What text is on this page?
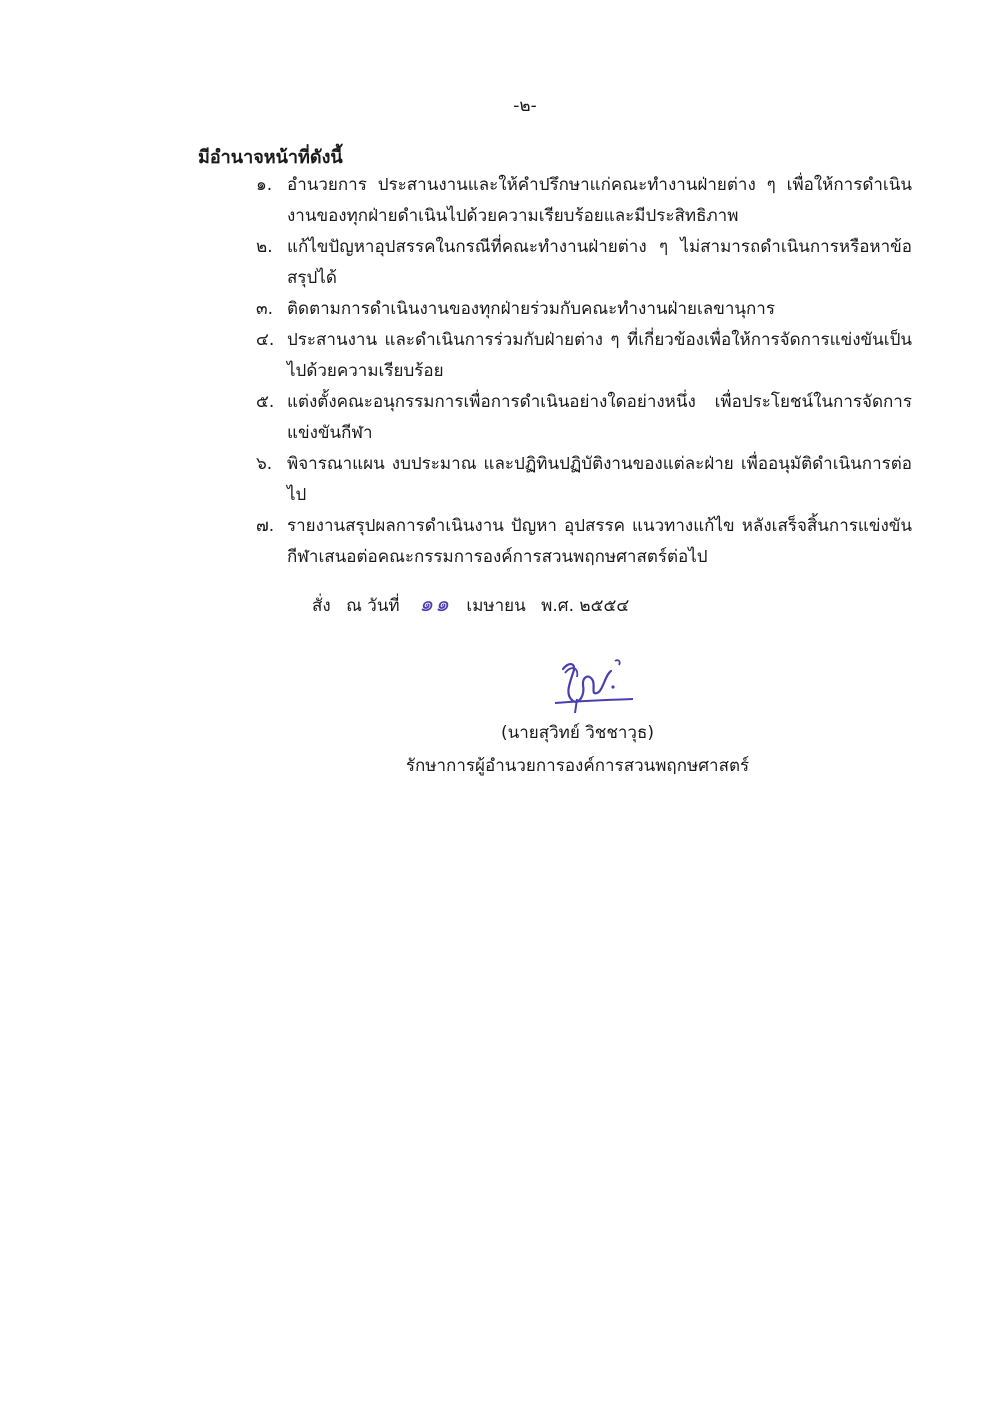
-๒-
มีอำนาจหน้าที่ดังนี้
๑. อำนวยการ ประสานงานและให้คำปรึกษาแก่คณะทำงานฝ่ายต่าง ๆ เพื่อให้การดำเนินงานของทุกฝ่ายดำเนินไปด้วยความเรียบร้อยและมีประสิทธิภาพ
๒. แก้ไขปัญหาอุปสรรคในกรณีที่คณะทำงานฝ่ายต่าง ๆ ไม่สามารถดำเนินการหรือหาข้อสรุปได้
๓. ติดตามการดำเนินงานของทุกฝ่ายร่วมกับคณะทำงานฝ่ายเลขานุการ
๔. ประสานงาน และดำเนินการร่วมกับฝ่ายต่าง ๆ ที่เกี่ยวข้องเพื่อให้การจัดการแข่งขันเป็นไปด้วยความเรียบร้อย
๕. แต่งตั้งคณะอนุกรรมการเพื่อการดำเนินอย่างใดอย่างหนึ่ง เพื่อประโยชน์ในการจัดการแข่งขันกีฬา
๖. พิจารณาแผน งบประมาณ และปฏิทินปฏิบัติงานของแต่ละฝ่าย เพื่ออนุมัติดำเนินการต่อไป
๗. รายงานสรุปผลการดำเนินงาน ปัญหา อุปสรรค แนวทางแก้ไข หลังเสร็จสิ้นการแข่งขันกีฬาเสนอต่อคณะกรรมการองค์การสวนพฤกษศาสตร์ต่อไป
สั่ง ณ วันที่ ๑๑ เมษายน พ.ศ. ๒๕๕๔
(นายสุวิทย์ วิชชาวุธ)
รักษาการผู้อำนวยการองค์การสวนพฤกษศาสตร์
